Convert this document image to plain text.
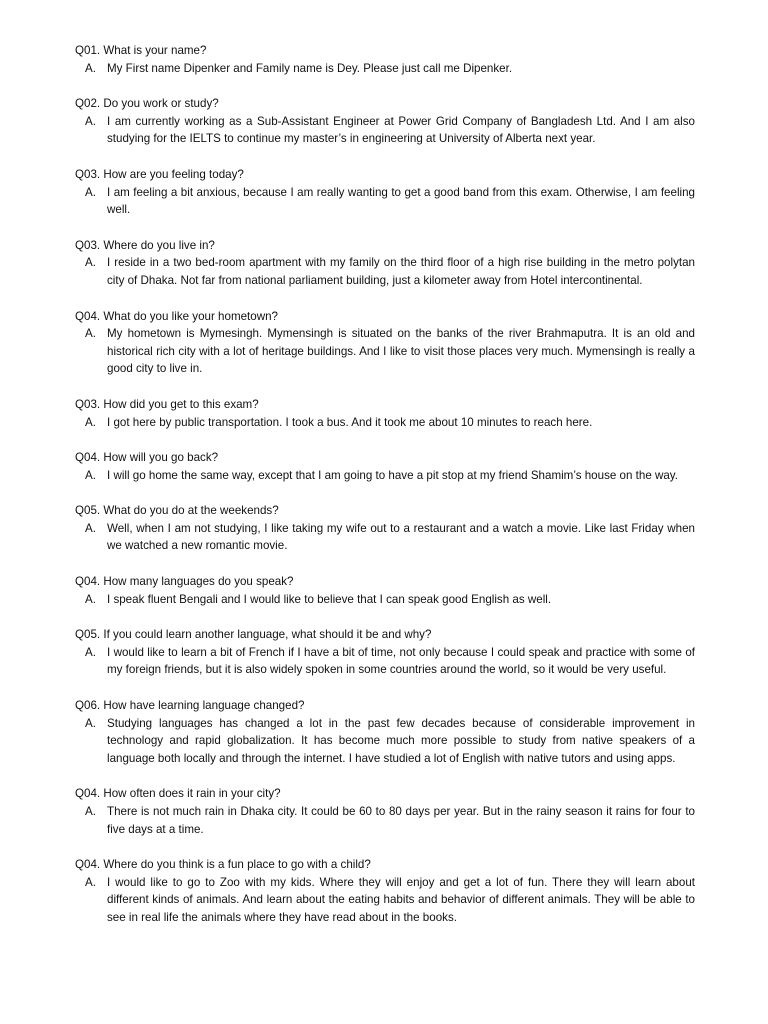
Q01. What is your name?

A. My First name Dipenker and Family name is Dey. Please just call me Dipenker.

Q02. Do you work or study?

A. I am currently working as a Sub-Assistant Engineer at Power Grid Company of Bangladesh Ltd. And I am also studying for the IELTS to continue my master’s in engineering at University of Alberta next year.

Q03. How are you feeling today?

A. I am feeling a bit anxious, because I am really wanting to get a good band from this exam. Otherwise, I am feeling well.

Q03. Where do you live in?

A. I reside in a two bed-room apartment with my family on the third floor of a high rise building in the metro polytan city of Dhaka. Not far from national parliament building, just a kilometer away from Hotel intercontinental.

Q04. What do you like your hometown?

A. My hometown is Mymesingh. Mymensingh is situated on the banks of the river Brahmaputra. It is an old and historical rich city with a lot of heritage buildings. And I like to visit those places very much. Mymensingh is really a good city to live in.

Q03. How did you get to this exam?

A. I got here by public transportation. I took a bus. And it took me about 10 minutes to reach here.

Q04. How will you go back?

A. I will go home the same way, except that I am going to have a pit stop at my friend Shamim’s house on the way.

Q05. What do you do at the weekends?

A. Well, when I am not studying, I like taking my wife out to a restaurant and a watch a movie. Like last Friday when we watched a new romantic movie.

Q04. How many languages do you speak?

A. I speak fluent Bengali and I would like to believe that I can speak good English as well.

Q05. If you could learn another language, what should it be and why?

A. I would like to learn a bit of French if I have a bit of time, not only because I could speak and practice with some of my foreign friends, but it is also widely spoken in some countries around the world, so it would be very useful.

Q06. How have learning language changed?

A. Studying languages has changed a lot in the past few decades because of considerable improvement in technology and rapid globalization. It has become much more possible to study from native speakers of a language both locally and through the internet. I have studied a lot of English with native tutors and using apps.

Q04. How often does it rain in your city?

A. There is not much rain in Dhaka city. It could be 60 to 80 days per year. But in the rainy season it rains for four to five days at a time.

Q04. Where do you think is a fun place to go with a child?

A. I would like to go to Zoo with my kids. Where they will enjoy and get a lot of fun. There they will learn about different kinds of animals. And learn about the eating habits and behavior of different animals. They will be able to see in real life the animals where they have read about in the books.
